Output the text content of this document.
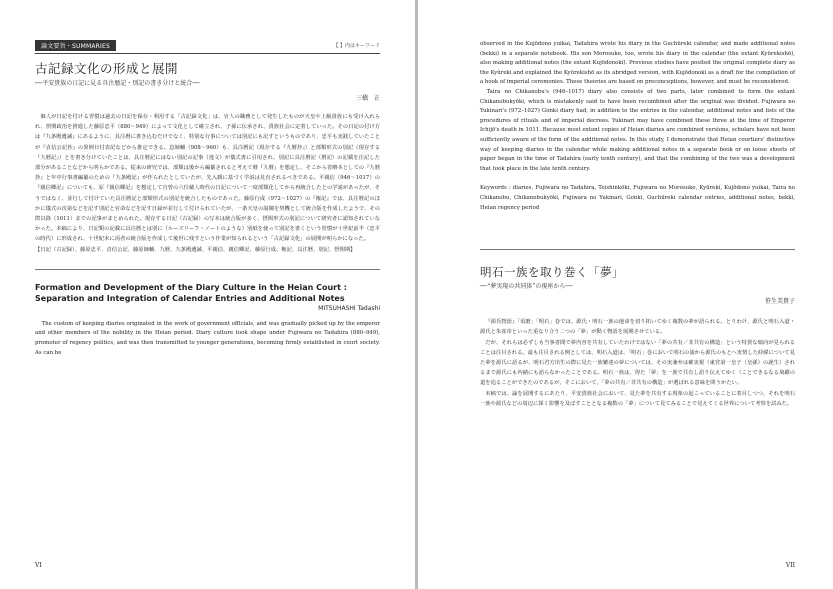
論文要旨・SUMMARIES	【 】内はキーワード
古記録文化の形成と展開
──平安貴族の日記に見る具注暦記・別記の書き分けと統合──
三橋　正

個人が日記を付ける習慣は過去の日記を保存・利用する「古記録文化」は、官人の職務として発生したものが天皇や上級貴族にも受け入れられ、摂関政治を推進した藤原忠平（880〜949）によって文化として確立され、子孫に伝承され、貴族社会に定着していった。その日記の付け方は『九条殿遺誡』にあるように、具注暦に書き込むだけでなく、特別な行事については別記にも記すというものであり、忠平も実践していたことが『貞信公記抄』の異例日付表記などから推定できる。息師輔（908〜960）も、具注暦記（現存する『九暦抄』）と部類形式の別記（現存する『九暦記』）とを書き分けていたことは、具注暦記にはない別記の記事（逸文）が儀式書に引用され、別記に具注暦記（暦記）の記載を注記した部分があることなどから明らかである。従来の研究では、部類は後から編纂されると考えて暦『九暦』を想定し、そこから省略本としての『九暦抄』と年中行事書編纂のための『九条殿記』が作られたとしていたが、先入観に基づく学説は見直されるべきである。平親信（946〜1017）の『親信卿記』についても、原『親信卿記』を想定して自曾の六位蔵人時代の日記について一度部類化してから再統合したとの学説があったが、そうではなく、並行して付けていた具注暦記と部類形式の別記を統合したものであった。藤原行成（972〜1027）の『権記』では、具注暦記のほかに儀式の次第などを記す別記と官命などを記す日録が並行して付けられていたが、一条天皇の崩御を契機として統合版を作成したようで、その際以降（1011）までの記事がまとめられた。現存する日記（古記録）の写本は統合版が多く、摂関形式の別記について研究者に認知されていなかった。本稿により、日記類の記載に具注暦とは別に（ルーズリーフ・ノートのような）別紙を使って別記を書くという習慣が十世紀前半（忠平の時代）に形成され、十世紀末に両者の統合版を作成して後世に残すという作業が知られるという「古記録文化」の展開が明らかになった。

【日記（古記録）、藤原忠平、貞信公記、藤原師輔、九暦、九条殿遺誡、平親信、親信卿記、藤原行成、権記、具注暦、別記、摂関期】

Formation and Development of the Diary Culture in the Heian Court : Separation and Integration of Calendar Entries and Additional Notes
MITSUHASHI Tadashi

The custom of keeping diaries originated in the work of government officials, and was gradually picked up by the emperor and other members of the nobility in the Heian period. Diary culture took shape under Fujiwara no Tadahira (880–949), promoter of regency politics, and was then transmitted to younger generations, becoming firmly established in court society. As can be

VI

observed in the Kujōdono yuikai, Tadahira wrote his diary in the Guchūreki calendar, and made additional notes (bekki) in a separate notebook. His son Morosuke, too, wrote his diary in the calendar (the extant Kyūrekishō), also making additional notes (the extant Kujōdonoki). Previous studies have posited the original complete diary as the Kyūreki and explained the Kyūrekishō as its abridged version, with Kujōdonoki as a draft for the compilation of a book of imperial ceremonies. These theories are based on preconceptions, however, and must be reconsidered.

Taira no Chikanobu's (946–1017) diary also consists of two parts, later combined to form the extant Chikanobukyōki, which is mistakenly said to have been recombined after the original was divided. Fujiwara no Yukinari's (972–1027) Gonki diary had, in addition to the entries in the calendar, additional notes and lists of the procedures of rituals and of imperial decrees. Yukinari may have combined these three at the time of Emperor Ichijō's death in 1011. Because most extant copies of Heian diaries are combined versions, scholars have not been sufficiently aware of the form of the additional notes. In this study, I demonstrate that Heian courtiers' distinctive way of keeping diaries in the calendar while making additional notes in a separate book or on loose sheets of paper began in the time of Tadahira (early tenth century), and that the combining of the two was a development that took place in the late tenth century.

Keywords : diaries, Fujiwara no Tadahira, Teishinkōki, Fujiwara no Morosuke, Kyūreki, Kujōdono yuikai, Taira no Chikanobu, Chikanobukyōki, Fujiwara no Yukinari, Gonki, Guchūreki calendar entries, additional notes, bekki, Heian regency period

明石一族を取り巻く「夢」
──“夢実現の共同体”の視座から──
笹生美貴子

『源氏物語』「須磨」「明石」巻では、源氏・明石一族の運命を切り拓いてゆく複数の夢が語られる。とりわけ、源氏と明石入道・源氏と朱雀帝といった重なり合う二つの「夢」が動く物語を展開させている。

だが、それらは必ずしも当事者間で夢内容を共有していたわけではない「夢の共有／非共有の構造」という特異な傾向が見られることは注目される。最も注目される例としては、明石入道は、「明石」巻において明石の浦から源氏のもとへ実情した経緯について見た夢を源氏に語るが、明石君方出生の際に見た一族繁達の夢については、その実兼弁は確実視（東宮第一皇子（皇孫）の誕生）されるまで源氏にも内緒にも語らなかったことである。明石一族は、得た「夢」を一族で共有し語り伝えてゆく（ことできるなる飛躍の道を追ることができたのであるが、そこにおいて、「夢の共有／非共有の構造」が選ばれる意味を問うかたい。

本稿では、論を展開するにあたり、平安貴族社会において、見た夢を共有する現象の起こっていることに着目しつつ、それを明石一族や源氏などの周辺に探く影響を及ぼすこととなる複数の「夢」について見てみることで見えてくる世界について考察を試みた。

VII
